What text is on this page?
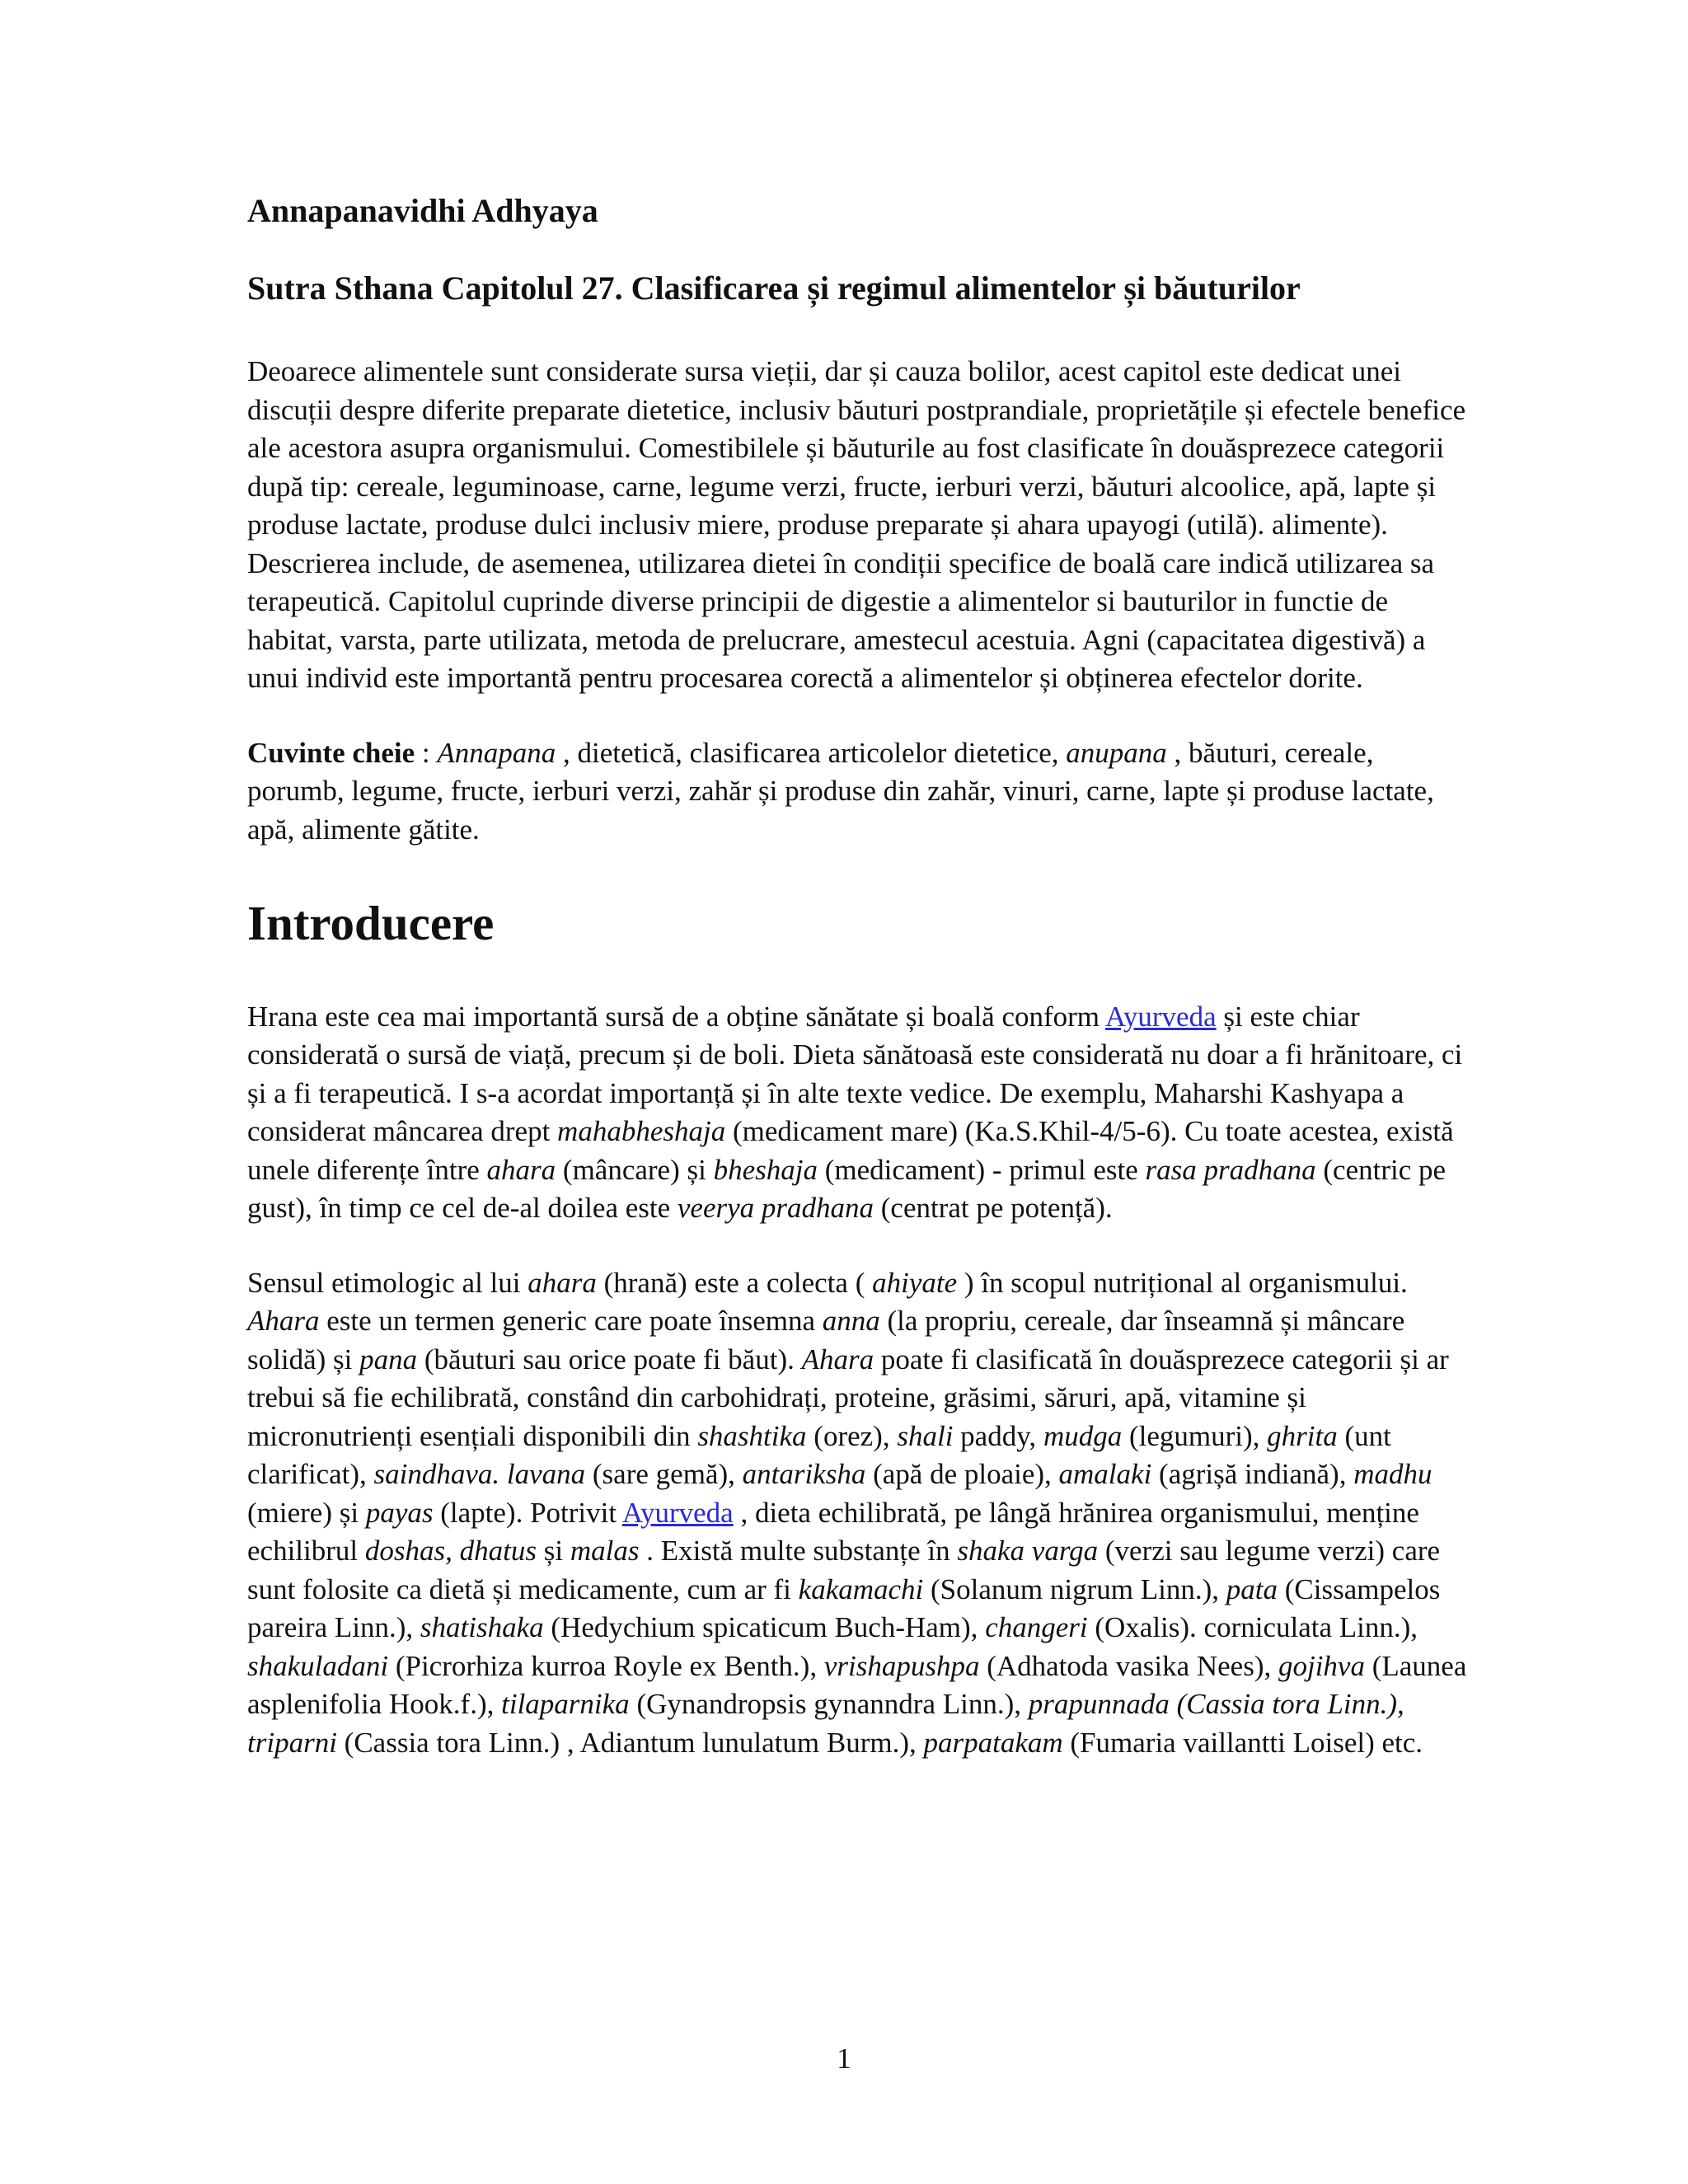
Annapanavidhi Adhyaya
Sutra Sthana Capitolul 27. Clasificarea și regimul alimentelor și băuturilor

Deoarece alimentele sunt considerate sursa vieții, dar și cauza bolilor, acest capitol este dedicat unei discuții despre diferite preparate dietetice, inclusiv băuturi postprandiale, proprietățile și efectele benefice ale acestora asupra organismului. Comestibilele și băuturile au fost clasificate în douăsprezece categorii după tip: cereale, leguminoase, carne, legume verzi, fructe, ierburi verzi, băuturi alcoolice, apă, lapte și produse lactate, produse dulci inclusiv miere, produse preparate și ahara upayogi (utilă). alimente). Descrierea include, de asemenea, utilizarea dietei în condiții specifice de boală care indică utilizarea sa terapeutică. Capitolul cuprinde diverse principii de digestie a alimentelor si bauturilor in functie de habitat, varsta, parte utilizata, metoda de prelucrare, amestecul acestuia. Agni (capacitatea digestivă) a unui individ este importantă pentru procesarea corectă a alimentelor și obținerea efectelor dorite.

Cuvinte cheie : Annapana , dietetică, clasificarea articolelor dietetice, anupana , băuturi, cereale, porumb, legume, fructe, ierburi verzi, zahăr și produse din zahăr, vinuri, carne, lapte și produse lactate, apă, alimente gătite.

Introducere

Hrana este cea mai importantă sursă de a obține sănătate și boală conform Ayurveda și este chiar considerată o sursă de viață, precum și de boli. Dieta sănătoasă este considerată nu doar a fi hrănitoare, ci și a fi terapeutică. I s-a acordat importanță și în alte texte vedice. De exemplu, Maharshi Kashyapa a considerat mâncarea drept mahabheshaja (medicament mare) (Ka.S.Khil-4/5-6). Cu toate acestea, există unele diferențe între ahara (mâncare) și bheshaja (medicament) - primul este rasa pradhana (centric pe gust), în timp ce cel de-al doilea este veerya pradhana (centrat pe potență).

Sensul etimologic al lui ahara (hrană) este a colecta ( ahiyate ) în scopul nutrițional al organismului. Ahara este un termen generic care poate însemna anna (la propriu, cereale, dar înseamnă și mâncare solidă) și pana (băuturi sau orice poate fi băut). Ahara poate fi clasificată în douăsprezece categorii și ar trebui să fie echilibrată, constând din carbohidrați, proteine, grăsimi, săruri, apă, vitamine și micronutrienți esențiali disponibili din shashtika (orez), shali paddy, mudga (legumuri), ghrita (unt clarificat), saindhava. lavana (sare gemă), antariksha (apă de ploaie), amalaki (agrișă indiană), madhu (miere) și payas (lapte). Potrivit Ayurveda , dieta echilibrată, pe lângă hrănirea organismului, menține echilibrul doshas, dhatus și malas . Există multe substanțe în shaka varga (verzi sau legume verzi) care sunt folosite ca dietă și medicamente, cum ar fi kakamachi (Solanum nigrum Linn.), pata (Cissampelos pareira Linn.), shatishaka (Hedychium spicaticum Buch-Ham), changeri (Oxalis). corniculata Linn.), shakuladani (Picrorhiza kurroa Royle ex Benth.), vrishapushpa (Adhatoda vasika Nees), gojihva (Launea asplenifolia Hook.f.), tilaparnika (Gynandropsis gynanndra Linn.), prapunnada (Cassia tora Linn.), triparni (Cassia tora Linn.) , Adiantum lunulatum Burm.), parpatakam (Fumaria vaillantti Loisel) etc.

1
